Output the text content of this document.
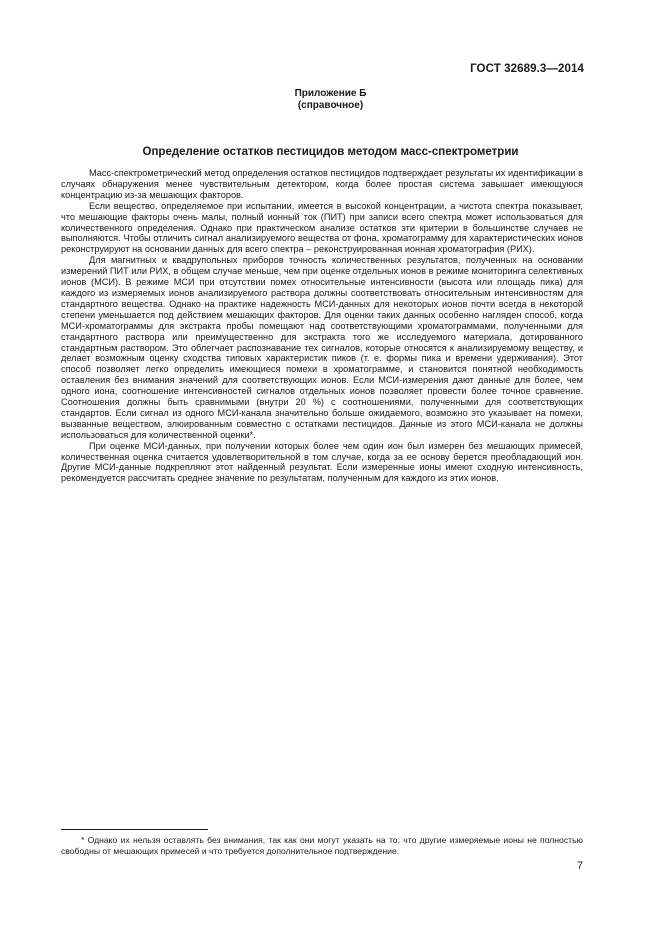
ГОСТ 32689.3—2014
Приложение Б
(справочное)
Определение остатков пестицидов методом масс-спектрометрии

Масс-спектрометрический метод определения остатков пестицидов подтверждает результаты их идентификации в случаях обнаружения менее чувствительным детектором, когда более простая система завышает имеющуюся концентрацию из-за мешающих факторов.

Если вещество, определяемое при испытании, имеется в высокой концентрации, а чистота спектра показывает, что мешающие факторы очень малы, полный ионный ток (ПИТ) при записи всего спектра может использоваться для количественного определения. Однако при практическом анализе остатков эти критерии в большинстве случаев не выполняются. Чтобы отличить сигнал анализируемого вещества от фона, хроматограмму для характеристических ионов реконструируют на основании данных для всего спектра – реконструированная ионная хроматография (РИХ).

Для магнитных и квадрупольных приборов точность количественных результатов, полученных на основании измерений ПИТ или РИХ, в общем случае меньше, чем при оценке отдельных ионов в режиме мониторинга селективных ионов (МСИ). В режиме МСИ при отсутствии помех относительные интенсивности (высота или площадь пика) для каждого из измеряемых ионов анализируемого раствора должны соответствовать относительным интенсивностям для стандартного вещества. Однако на практике надежность МСИ-данных для некоторых ионов почти всегда в некоторой степени уменьшается под действием мешающих факторов. Для оценки таких данных особенно нагляден способ, когда МСИ-хроматограммы для экстракта пробы помещают над соответствующими хроматограммами, полученными для стандартного раствора или преимущественно для экстракта того же исследуемого материала, дотированного стандартным раствором. Это облегчает распознавание тех сигналов, которые относятся к анализируемому веществу, и делает возможным оценку сходства типовых характеристик пиков (т. е. формы пика и времени удерживания). Этот способ позволяет легко определить имеющиеся помехи в хроматограмме, и становится понятной необходимость оставления без внимания значений для соответствующих ионов. Если МСИ-измерения дают данные для более, чем одного иона, соотношение интенсивностей сигналов отдельных ионов позволяет провести более точное сравнение. Соотношения должны быть сравнимыми (внутри 20 %) с соотношениями, полученными для соответствующих стандартов. Если сигнал из одного МСИ-канала значительно больше ожидаемого, возможно это указывает на помехи, вызванные веществом, элюированным совместно с остатками пестицидов. Данные из этого МСИ-канала не должны использоваться для количественной оценки*.

При оценке МСИ-данных, при получении которых более чем один ион был измерен без мешающих примесей, количественная оценка считается удовлетворительной в том случае, когда за ее основу берется преобладающий ион. Другие МСИ-данные подкрепляют этот найденный результат. Если измеренные ионы имеют сходную интенсивность, рекомендуется рассчитать среднее значение по результатам, полученным для каждого из этих ионов.

* Однако их нельзя оставлять без внимания, так как они могут указать на то, что другие измеряемые ионы не полностью свободны от мешающих примесей и что требуется дополнительное подтверждение.

7
